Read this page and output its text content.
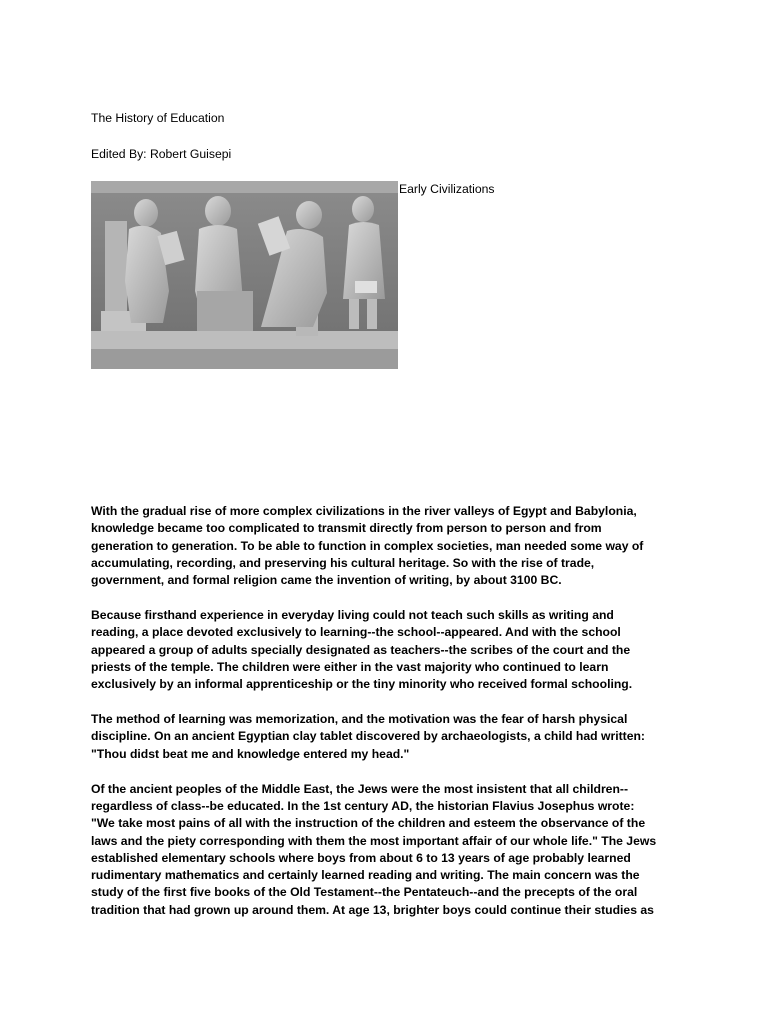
The History of Education

Edited By: Robert Guisepi

Early Civilizations

With the gradual rise of more complex civilizations in the river valleys of Egypt and Babylonia,
knowledge became too complicated to transmit directly from person to person and from
generation to generation. To be able to function in complex societies, man needed some way of
accumulating, recording, and preserving his cultural heritage. So with the rise of trade,
government, and formal religion came the invention of writing, by about 3100 BC.

Because firsthand experience in everyday living could not teach such skills as writing and
reading, a place devoted exclusively to learning--the school--appeared. And with the school
appeared a group of adults specially designated as teachers--the scribes of the court and the
priests of the temple. The children were either in the vast majority who continued to learn
exclusively by an informal apprenticeship or the tiny minority who received formal schooling.

The method of learning was memorization, and the motivation was the fear of harsh physical
discipline. On an ancient Egyptian clay tablet discovered by archaeologists, a child had written:
"Thou didst beat me and knowledge entered my head."

Of the ancient peoples of the Middle East, the Jews were the most insistent that all children--
regardless of class--be educated. In the 1st century AD, the historian Flavius Josephus wrote:
"We take most pains of all with the instruction of the children and esteem the observance of the
laws and the piety corresponding with them the most important affair of our whole life." The Jews
established elementary schools where boys from about 6 to 13 years of age probably learned
rudimentary mathematics and certainly learned reading and writing. The main concern was the
study of the first five books of the Old Testament--the Pentateuch--and the precepts of the oral
tradition that had grown up around them. At age 13, brighter boys could continue their studies as
